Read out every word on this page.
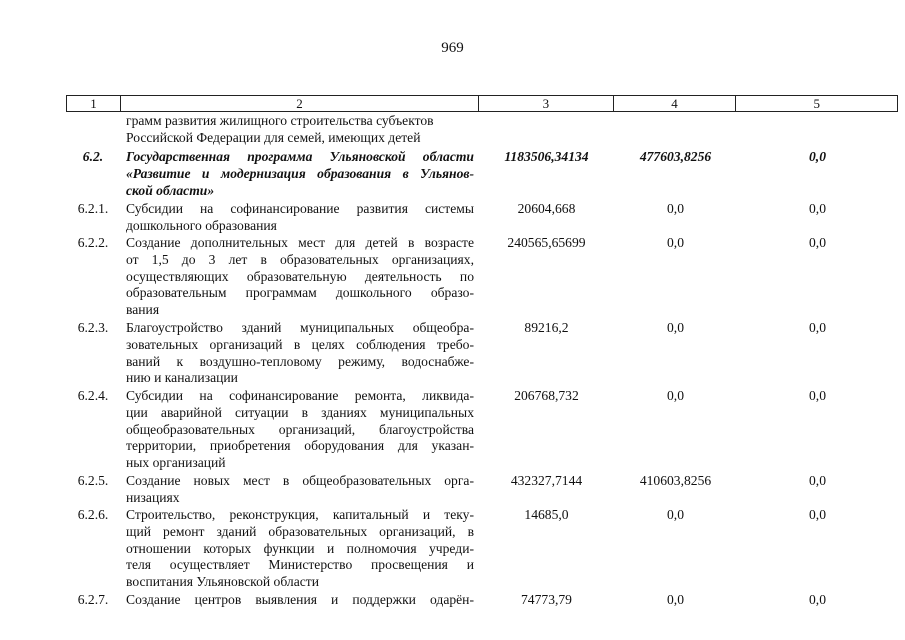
969
1	2	3	4	5
грамм развития жилищного строительства субъектов
Российской Федерации для семей, имеющих детей
6.2.	Государственная программа Ульяновской области
«Развитие и модернизация образования в Ульянов-
ской области»
1183506,34134	477603,8256	0,0
6.2.1.	Субсидии на софинансирование развития системы
дошкольного образования
20604,668	0,0	0,0
6.2.2.	Создание дополнительных мест для детей в возрасте
от 1,5 до 3 лет в образовательных организациях,
осуществляющих образовательную деятельность по
образовательным программам дошкольного образо-
вания
240565,65699	0,0	0,0
6.2.3.	Благоустройство зданий муниципальных общеобра-
зовательных организаций в целях соблюдения требо-
ваний к воздушно-тепловому режиму, водоснабже-
нию и канализации
89216,2	0,0	0,0
6.2.4.	Субсидии на софинансирование ремонта, ликвида-
ции аварийной ситуации в зданиях муниципальных
общеобразовательных организаций, благоустройства
территории, приобретения оборудования для указан-
ных организаций
206768,732	0,0	0,0
6.2.5.	Создание новых мест в общеобразовательных орга-
низациях
432327,7144	410603,8256	0,0
6.2.6.	Строительство, реконструкция, капитальный и теку-
щий ремонт зданий образовательных организаций, в
отношении которых функции и полномочия учреди-
теля осуществляет Министерство просвещения и
воспитания Ульяновской области
14685,0	0,0	0,0
6.2.7.	Создание центров выявления и поддержки одарён-	74773,79	0,0	0,0
